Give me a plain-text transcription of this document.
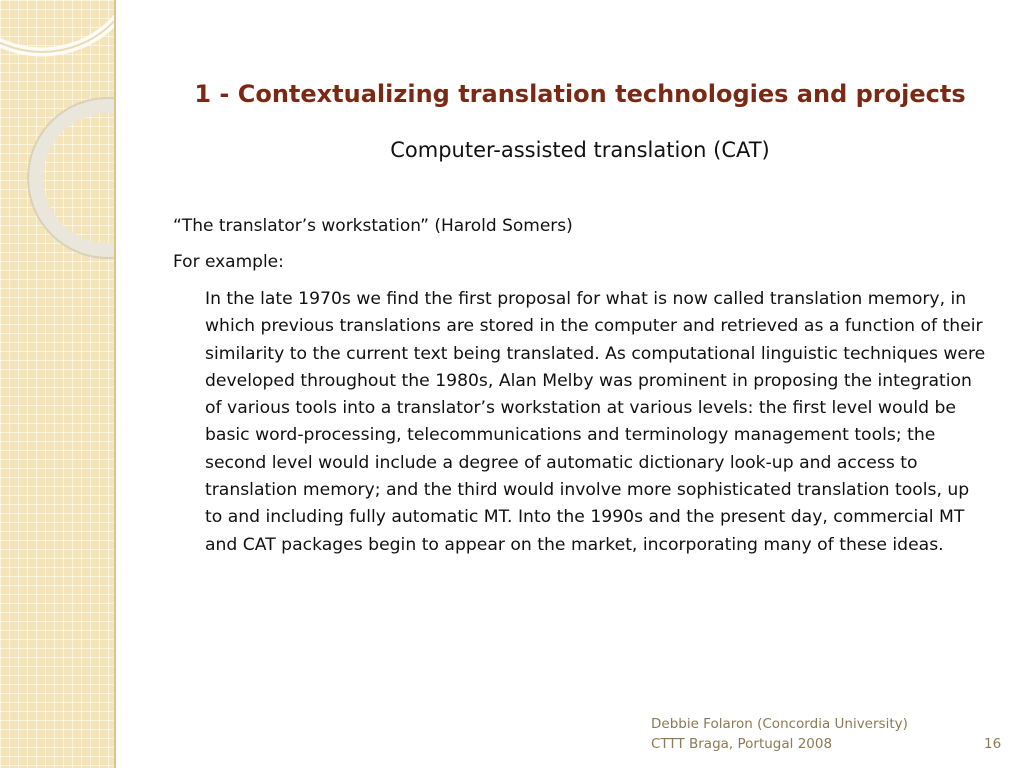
1 - Contextualizing translation technologies and projects
Computer-assisted translation (CAT)
“The translator’s workstation” (Harold Somers)
For example:
In the late 1970s we find the first proposal for what is now called translation memory, in which previous translations are stored in the computer and retrieved as a function of their similarity to the current text being translated. As computational linguistic techniques were developed throughout the 1980s, Alan Melby was prominent in proposing the integration of various tools into a translator’s workstation at various levels: the first level would be basic word-processing, telecommunications and terminology management tools; the second level would include a degree of automatic dictionary look-up and access to translation memory; and the third would involve more sophisticated translation tools, up to and including fully automatic MT. Into the 1990s and the present day, commercial MT and CAT packages begin to appear on the market, incorporating many of these ideas.
Debbie Folaron (Concordia University)
CTTT Braga, Portugal 2008	16
